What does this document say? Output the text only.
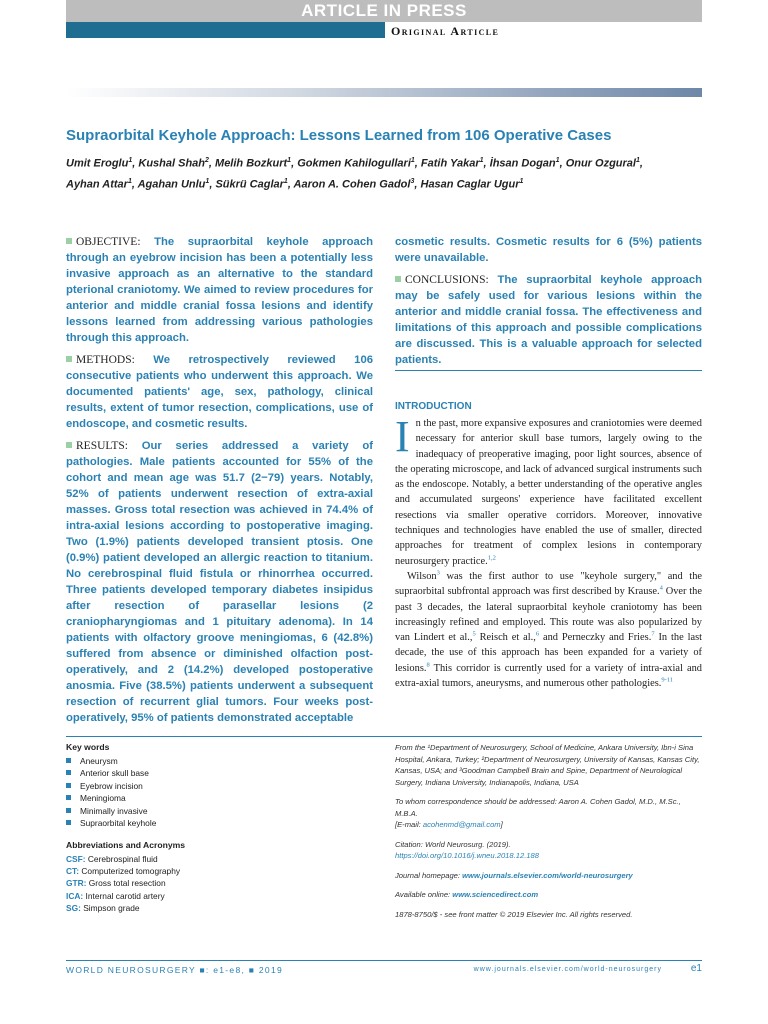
ARTICLE IN PRESS
Original Article
Supraorbital Keyhole Approach: Lessons Learned from 106 Operative Cases
Umit Eroglu$^1$, Kushal Shah$^2$, Melih Bozkurt$^1$, Gokmen Kahilogullari$^1$, Fatih Yakar$^1$, İhsan Dogan$^1$, Onur Ozgural$^1$,
Ayhan Attar$^1$, Agahan Unlu$^1$, Sükrü Caglar$^1$, Aaron A. Cohen Gadol$^3$, Hasan Caglar Ugur$^1$

OBJECTIVE: The supraorbital keyhole approach through an eyebrow incision has been a potentially less invasive approach as an alternative to the standard pterional craniotomy. We aimed to review procedures for anterior and middle cranial fossa lesions and identify lessons learned from addressing various pathologies through this approach.

METHODS: We retrospectively reviewed 106 consecutive patients who underwent this approach. We documented patients' age, sex, pathology, clinical results, extent of tumor resection, complications, use of endoscope, and cosmetic results.

RESULTS: Our series addressed a variety of pathologies. Male patients accounted for 55% of the cohort and mean age was 51.7 (2−79) years. Notably, 52% of patients underwent resection of extra-axial masses. Gross total resection was achieved in 74.4% of intra-axial lesions according to postoperative imaging. Two (1.9%) patients developed transient ptosis. One (0.9%) patient developed an allergic reaction to titanium. No cerebrospinal fluid fistula or rhinorrhea occurred. Three patients developed temporary diabetes insipidus after resection of parasellar lesions (2 craniopharyngiomas and 1 pituitary adenoma). In 14 patients with olfactory groove meningiomas, 6 (42.8%) suffered from absence or diminished olfaction post-operatively, and 2 (14.2%) developed postoperative anosmia. Five (38.5%) patients underwent a subsequent resection of recurrent glial tumors. Four weeks post-operatively, 95% of patients demonstrated acceptable

cosmetic results. Cosmetic results for 6 (5%) patients were unavailable.

CONCLUSIONS: The supraorbital keyhole approach may be safely used for various lesions within the anterior and middle cranial fossa. The effectiveness and limitations of this approach and possible complications are discussed. This is a valuable approach for selected patients.

INTRODUCTION

In the past, more expansive exposures and craniotomies were deemed necessary for anterior skull base tumors, largely owing to the inadequacy of preoperative imaging, poor light sources, absence of the operating microscope, and lack of advanced surgical instruments such as the endoscope. Notably, a better understanding of the operative angles and accumulated surgeons' experience have facilitated excellent resections via smaller operative corridors. Moreover, innovative techniques and technologies have enabled the use of smaller, directed approaches for treatment of complex lesions in contemporary neurosurgery practice.$^{1,2}$

Wilson$^3$ was the first author to use "keyhole surgery," and the supraorbital subfrontal approach was first described by Krause.$^4$ Over the past 3 decades, the lateral supraorbital keyhole craniotomy has been increasingly refined and employed. This route was also popularized by van Lindert et al.,$^5$ Reisch et al.,$^6$ and Perneczky and Fries.$^7$ In the last decade, the use of this approach has been expanded for a variety of lesions.$^8$ This corridor is currently used for a variety of intra-axial and extra-axial tumors, aneurysms, and numerous other pathologies.$^{9-11}$

Key words
Aneurysm
Anterior skull base
Eyebrow incision
Meningioma
Minimally invasive
Supraorbital keyhole
Abbreviations and Acronyms
CSF: Cerebrospinal fluid
CT: Computerized tomography
GTR: Gross total resection
ICA: Internal carotid artery
SG: Simpson grade

From the ¹Department of Neurosurgery, School of Medicine, Ankara University, Ibn-i Sina Hospital, Ankara, Turkey; ²Department of Neurosurgery, University of Kansas, Kansas City, Kansas, USA; and ³Goodman Campbell Brain and Spine, Department of Neurological Surgery, Indiana University, Indianapolis, Indiana, USA

To whom correspondence should be addressed: Aaron A. Cohen Gadol, M.D., M.Sc., M.B.A.
[E-mail: acohenmd@gmail.com]

Citation: World Neurosurg. (2019).
https://doi.org/10.1016/j.wneu.2018.12.188

Journal homepage: www.journals.elsevier.com/world-neurosurgery

Available online: www.sciencedirect.com

1878-8750/$ - see front matter © 2019 Elsevier Inc. All rights reserved.

WORLD NEUROSURGERY ■: e1-e8, ■ 2019	www.journals.elsevier.com/world-neurosurgery	e1
